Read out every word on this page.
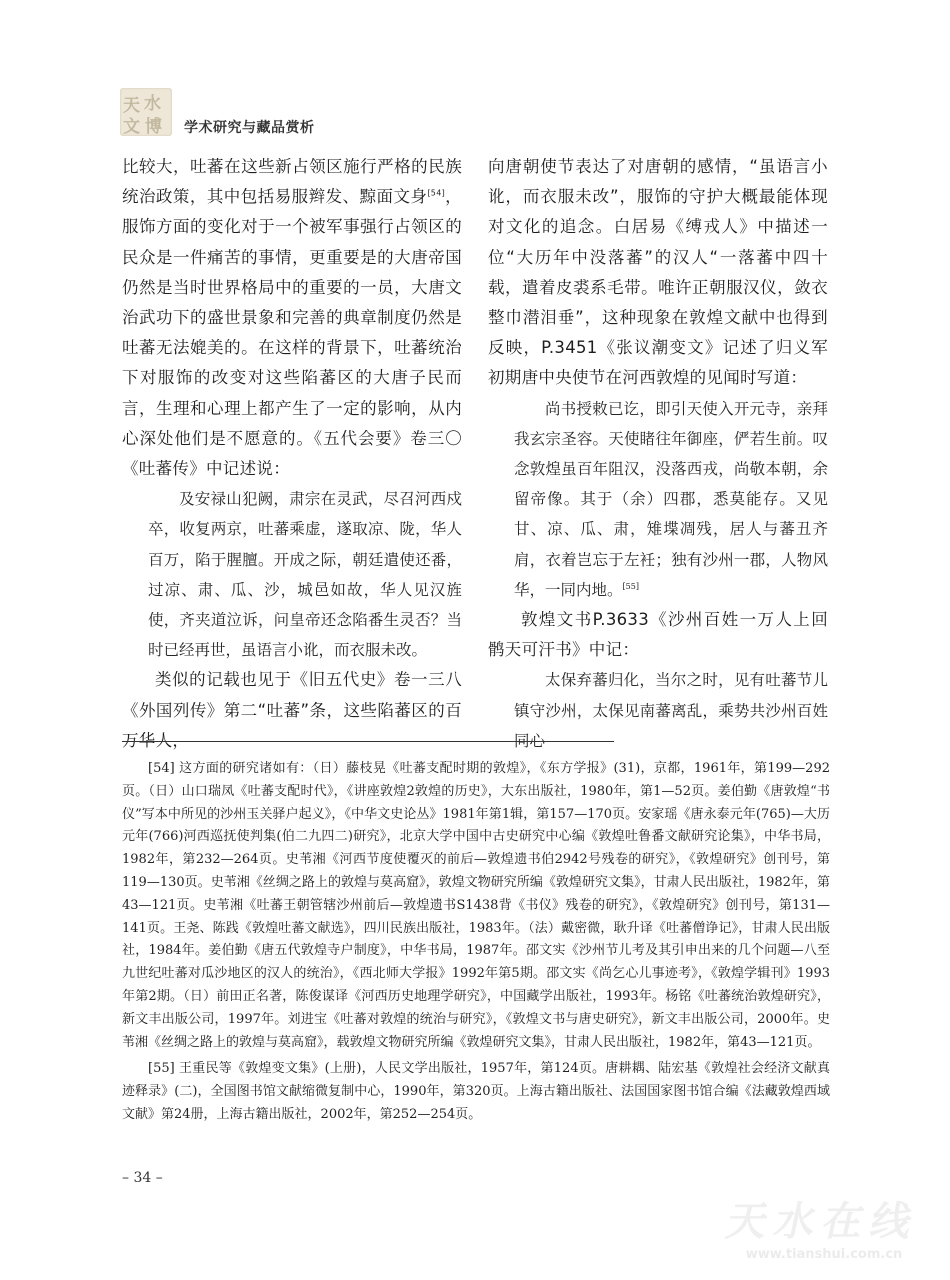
天 水
文 博 学术研究与藏品赏析

比较大，吐蕃在这些新占领区施行严格的民族统治政策，其中包括易服辫发、黥面文身[54]，服饰方面的变化对于一个被军事强行占领区的民众是一件痛苦的事情，更重要是的大唐帝国仍然是当时世界格局中的重要的一员，大唐文治武功下的盛世景象和完善的典章制度仍然是吐蕃无法媲美的。在这样的背景下，吐蕃统治下对服饰的改变对这些陷蕃区的大唐子民而言，生理和心理上都产生了一定的影响，从内心深处他们是不愿意的。《五代会要》卷三〇《吐蕃传》中记述说：

及安禄山犯阙，肃宗在灵武，尽召河西戍卒，收复两京，吐蕃乘虚，遂取凉、陇，华人百万，陷于腥膻。开成之际，朝廷遣使还番，过凉、肃、瓜、沙，城邑如故，华人见汉旌使，齐夹道泣诉，问皇帝还念陷番生灵否？当时已经再世，虽语言小讹，而衣服未改。

类似的记载也见于《旧五代史》卷一三八《外国列传》第二“吐蕃”条，这些陷蕃区的百万华人，

向唐朝使节表达了对唐朝的感情，“虽语言小讹，而衣服未改”，服饰的守护大概最能体现对文化的追念。白居易《缚戎人》中描述一位“大历年中没落蕃”的汉人“一落蕃中四十载，遣着皮裘系毛带。唯许正朝服汉仪，敛衣整巾潜泪垂”，这种现象在敦煌文献中也得到反映，P.3451《张议潮变文》记述了归义军初期唐中央使节在河西敦煌的见闻时写道：

尚书授敕已讫，即引天使入开元寺，亲拜我玄宗圣容。天使睹往年御座，俨若生前。叹念敦煌虽百年阻汉，没落西戎，尚敬本朝，余留帝像。其于（余）四郡，悉莫能存。又见甘、凉、瓜、肃，雉堞凋残，居人与蕃丑齐肩，衣着岂忘于左衽；独有沙州一郡，人物风华，一同内地。[55]

敦煌文书P.3633《沙州百姓一万人上回鹘天可汗书》中记：

太保弃蕃归化，当尔之时，见有吐蕃节儿镇守沙州，太保见南蕃离乱，乘势共沙州百姓同心

[54] 这方面的研究诸如有：（日）藤枝晃《吐蕃支配时期的敦煌》，《东方学报》(31)，京都，1961年，第199—292页。（日）山口瑞凤《吐蕃支配时代》，《讲座敦煌2敦煌的历史》，大东出版社，1980年，第1—52页。姜伯勤《唐敦煌“书仪”写本中所见的沙州玉关驿户起义》，《中华文史论丛》1981年第1辑，第157—170页。安家瑶《唐永泰元年(765)—大历元年(766)河西巡抚使判集(伯二九四二)研究》，北京大学中国中古史研究中心编《敦煌吐鲁番文献研究论集》，中华书局，1982年，第232—264页。史苇湘《河西节度使覆灭的前后—敦煌遗书伯2942号残卷的研究》，《敦煌研究》创刊号，第119—130页。史苇湘《丝绸之路上的敦煌与莫高窟》，敦煌文物研究所编《敦煌研究文集》，甘肃人民出版社，1982年，第43—121页。史苇湘《吐蕃王朝管辖沙州前后—敦煌遗书S1438背《书仪》残卷的研究》，《敦煌研究》创刊号，第131—141页。王尧、陈践《敦煌吐蕃文献选》，四川民族出版社，1983年。（法）戴密微，耿升译《吐蕃僧诤记》，甘肃人民出版社，1984年。姜伯勤《唐五代敦煌寺户制度》，中华书局，1987年。邵文实《沙州节儿考及其引申出来的几个问题—八至九世纪吐蕃对瓜沙地区的汉人的统治》，《西北师大学报》1992年第5期。邵文实《尚乞心儿事迹考》，《敦煌学辑刊》1993年第2期。（日）前田正名著，陈俊谋译《河西历史地理学研究》，中国藏学出版社，1993年。杨铭《吐蕃统治敦煌研究》，新文丰出版公司，1997年。刘进宝《吐蕃对敦煌的统治与研究》，《敦煌文书与唐史研究》，新文丰出版公司，2000年。史苇湘《丝绸之路上的敦煌与莫高窟》，载敦煌文物研究所编《敦煌研究文集》，甘肃人民出版社，1982年，第43—121页。

[55] 王重民等《敦煌变文集》(上册)，人民文学出版社，1957年，第124页。唐耕耦、陆宏基《敦煌社会经济文献真迹释录》(二)，全国图书馆文献缩微复制中心，1990年，第320页。上海古籍出版社、法国国家图书馆合编《法藏敦煌西域文献》第24册，上海古籍出版社，2002年，第252—254页。

– 34 –
天水在线
www.tianshui.com.cn
